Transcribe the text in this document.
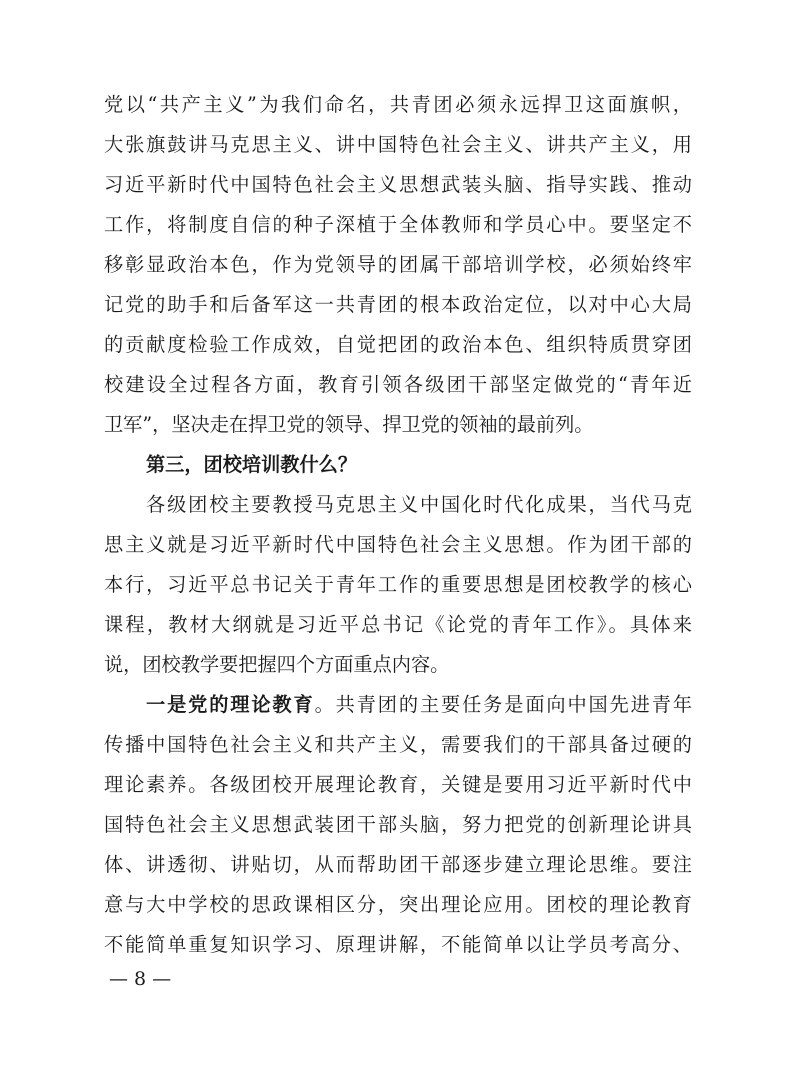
党以“共产主义”为我们命名，共青团必须永远捍卫这面旗帜，
大张旗鼓讲马克思主义、讲中国特色社会主义、讲共产主义，用
习近平新时代中国特色社会主义思想武装头脑、指导实践、推动
工作，将制度自信的种子深植于全体教师和学员心中。要坚定不
移彰显政治本色，作为党领导的团属干部培训学校，必须始终牢
记党的助手和后备军这一共青团的根本政治定位，以对中心大局
的贡献度检验工作成效，自觉把团的政治本色、组织特质贯穿团
校建设全过程各方面，教育引领各级团干部坚定做党的“青年近
卫军”，坚决走在捍卫党的领导、捍卫党的领袖的最前列。
第三，团校培训教什么？
各级团校主要教授马克思主义中国化时代化成果，当代马克
思主义就是习近平新时代中国特色社会主义思想。作为团干部的
本行，习近平总书记关于青年工作的重要思想是团校教学的核心
课程，教材大纲就是习近平总书记《论党的青年工作》。具体来
说，团校教学要把握四个方面重点内容。
一是党的理论教育。共青团的主要任务是面向中国先进青年
传播中国特色社会主义和共产主义，需要我们的干部具备过硬的
理论素养。各级团校开展理论教育，关键是要用习近平新时代中
国特色社会主义思想武装团干部头脑，努力把党的创新理论讲具
体、讲透彻、讲贴切，从而帮助团干部逐步建立理论思维。要注
意与大中学校的思政课相区分，突出理论应用。团校的理论教育
不能简单重复知识学习、原理讲解，不能简单以让学员考高分、
— 8 —
